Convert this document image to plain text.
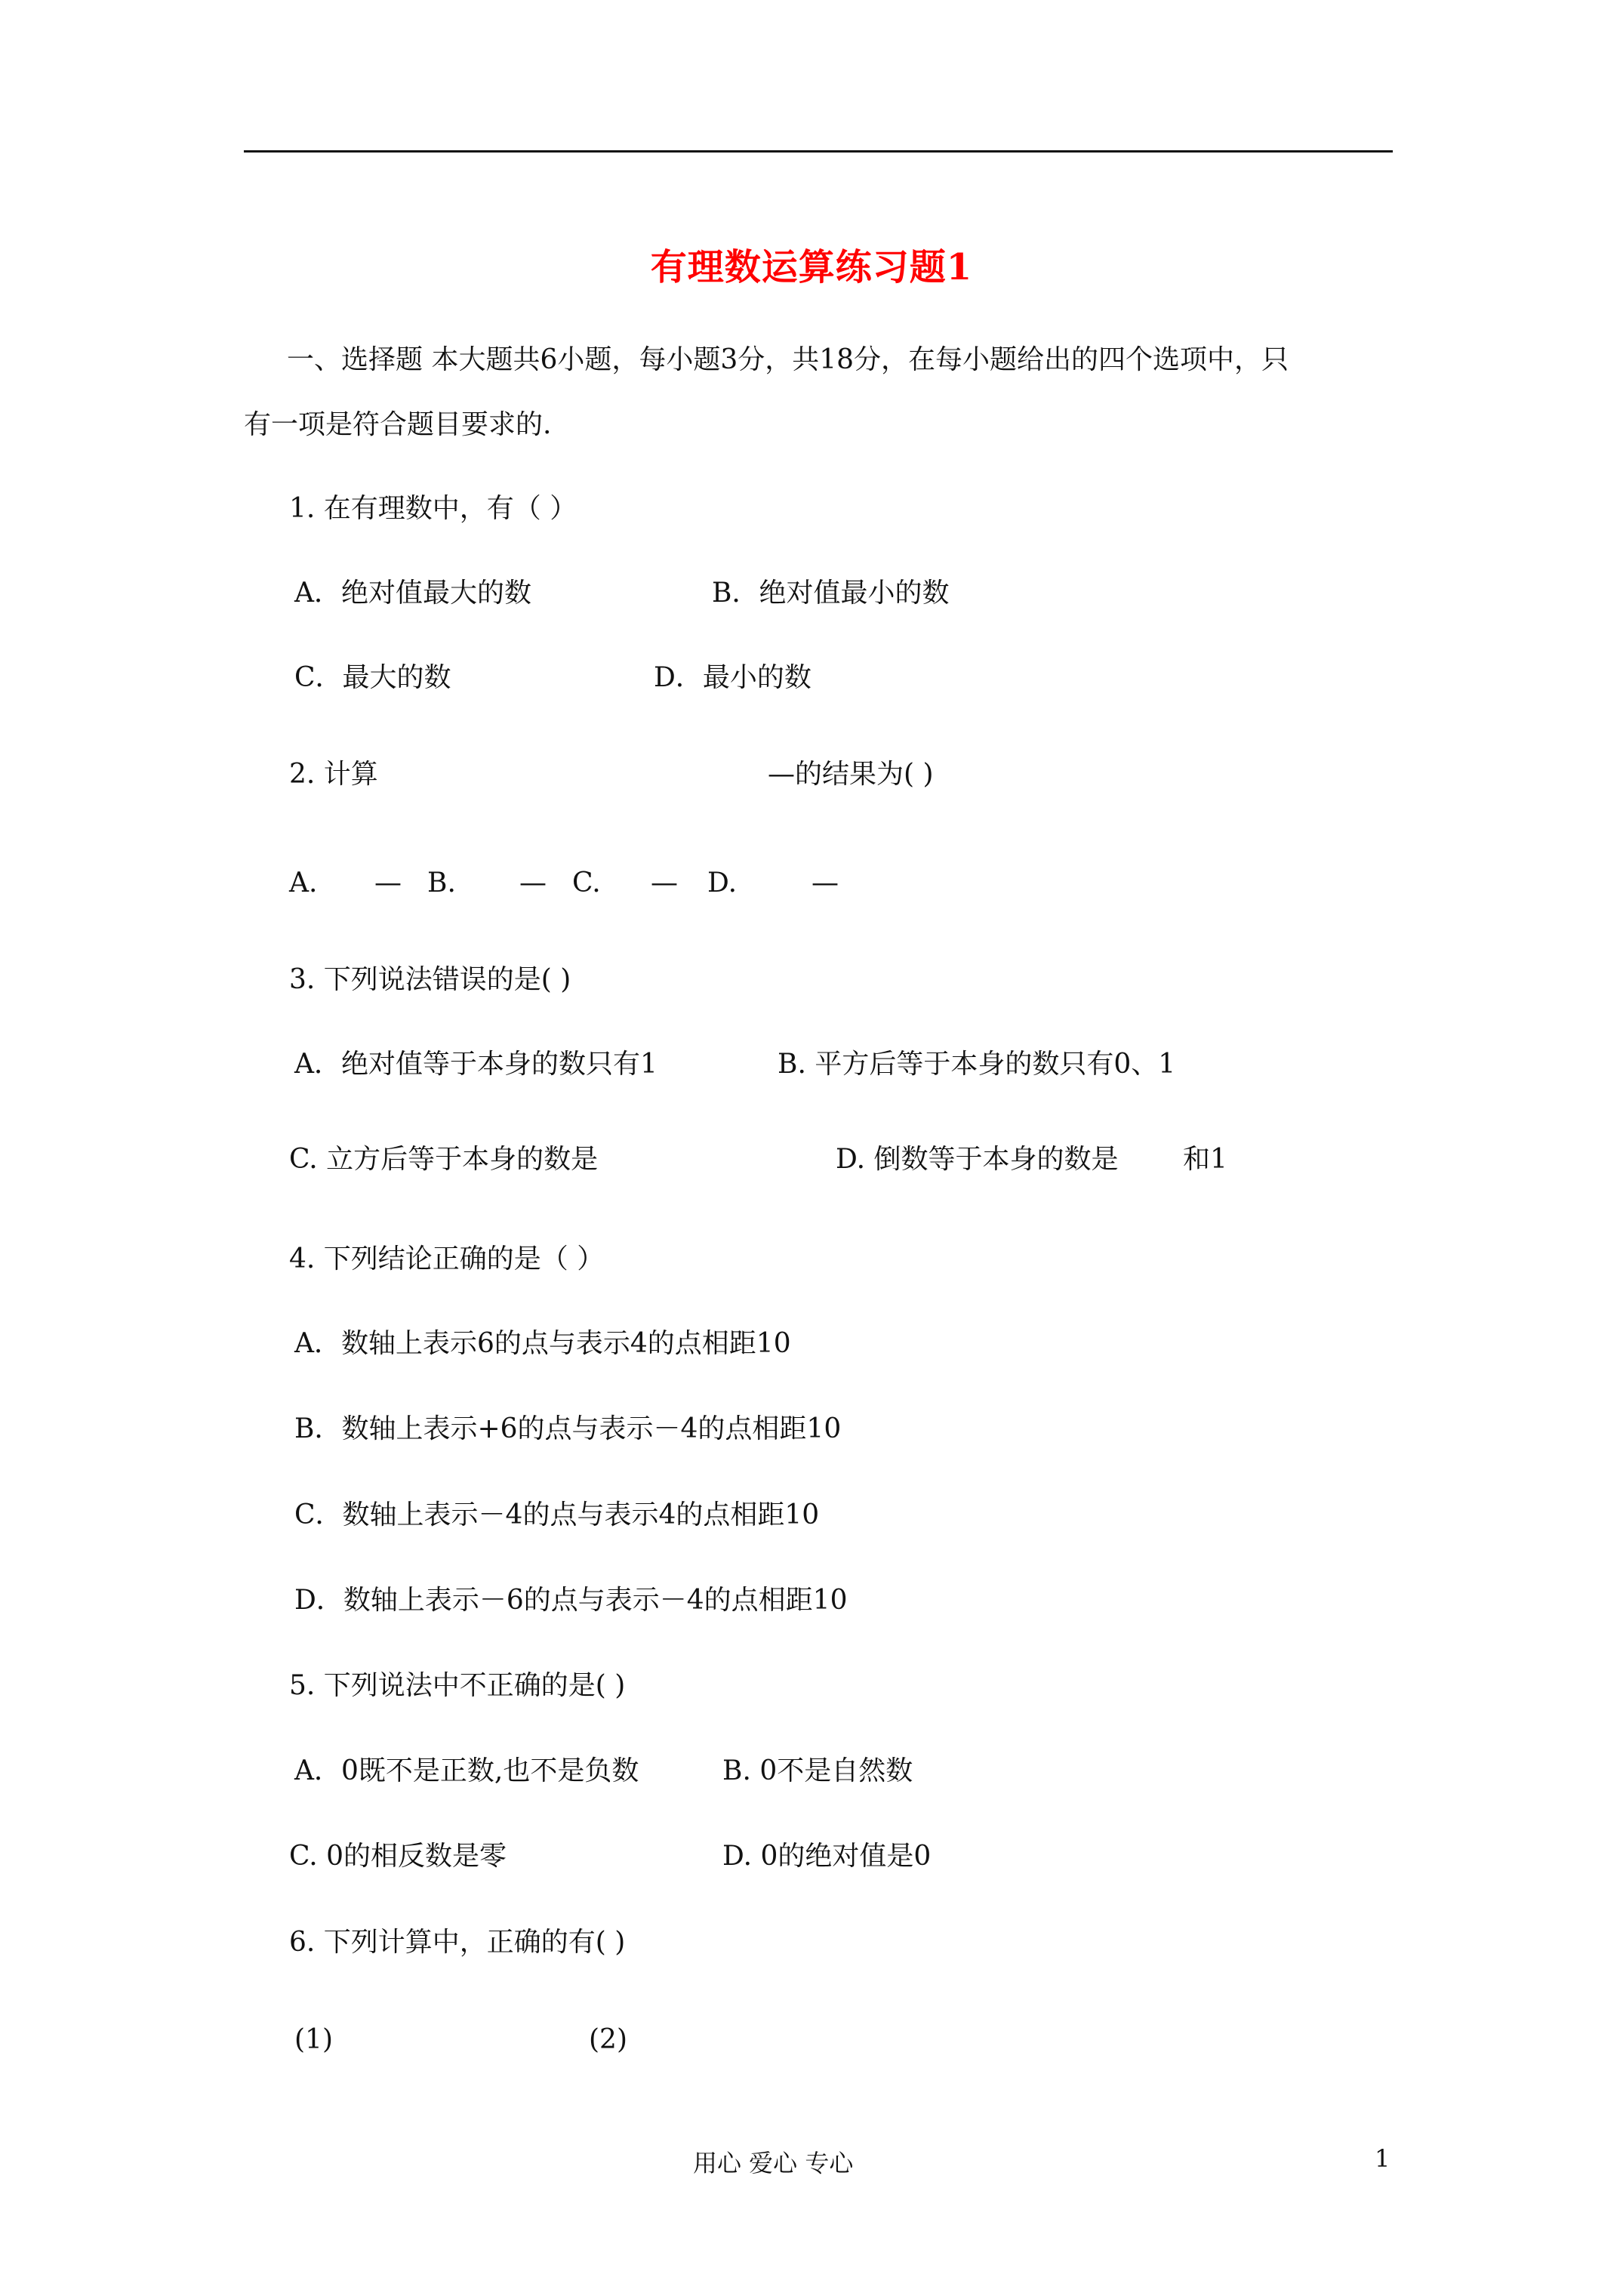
有理数运算练习题1
一、选择题 本大题共6小题，每小题3分，共18分，在每小题给出的四个选项中，只
有一项是符合题目要求的.
1. 在有理数中，有（ ）
A．绝对值最大的数	B．绝对值最小的数
C．最大的数	D．最小的数
2. 计算	—的结果为( )
A. — B. — C. — D.	—
3. 下列说法错误的是( )
A．绝对值等于本身的数只有1	B. 平方后等于本身的数只有0、1
C. 立方后等于本身的数是	D. 倒数等于本身的数是 和1
4. 下列结论正确的是（ ）
A．数轴上表示6的点与表示4的点相距10
B．数轴上表示+6的点与表示－4的点相距10
C．数轴上表示－4的点与表示4的点相距10
D．数轴上表示－6的点与表示－4的点相距10
5. 下列说法中不正确的是( )
A．0既不是正数,也不是负数	B. 0不是自然数
C. 0的相反数是零	D. 0的绝对值是0
6. 下列计算中，正确的有( )
(1)	(2)
用心 爱心 专心	1
